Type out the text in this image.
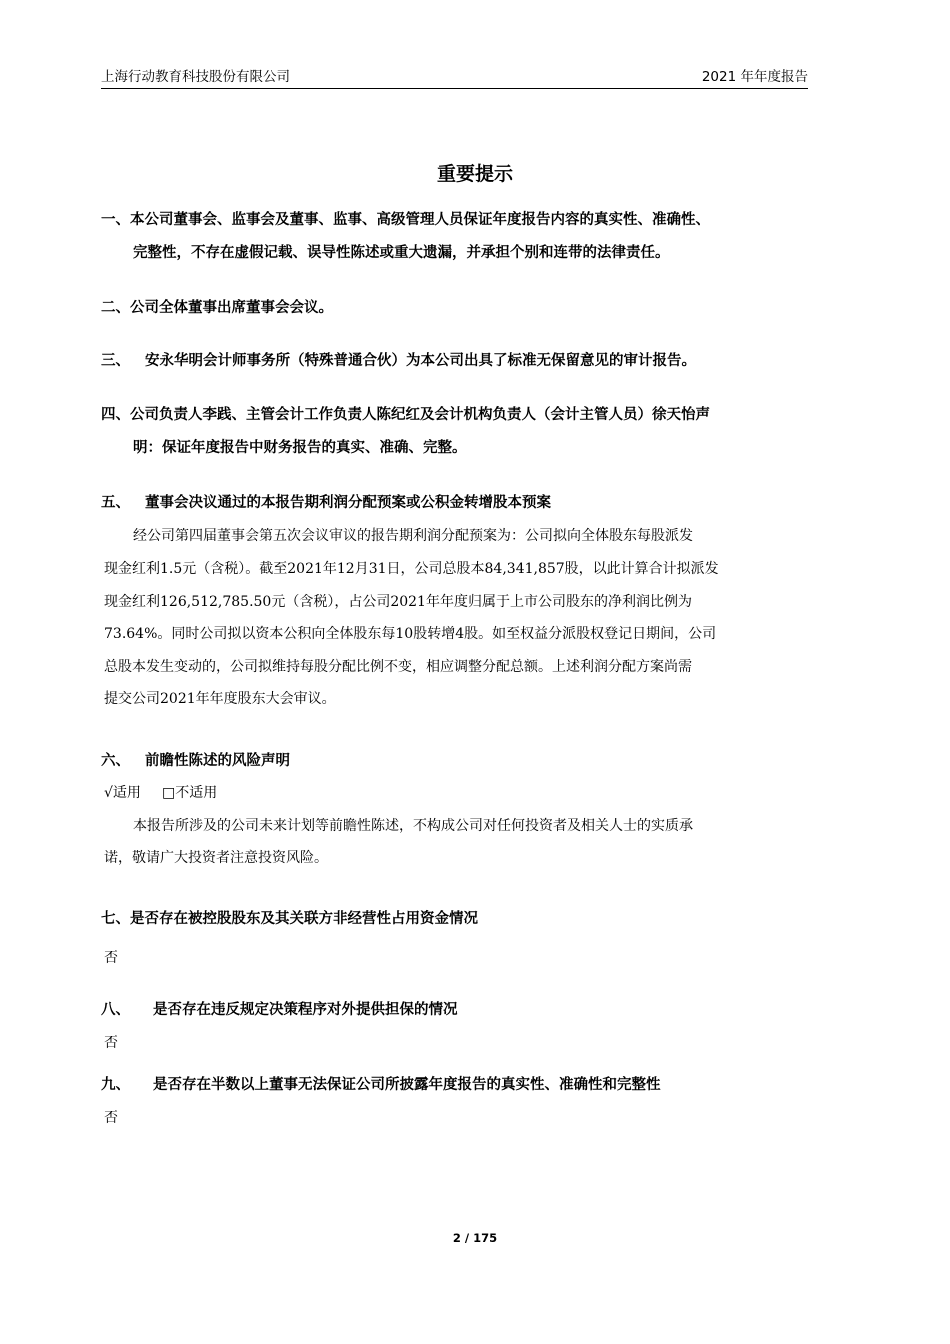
上海行动教育科技股份有限公司	2021 年年度报告
重要提示
一、本公司董事会、监事会及董事、监事、高级管理人员保证年度报告内容的真实性、准确性、
完整性，不存在虚假记载、误导性陈述或重大遗漏，并承担个别和连带的法律责任。
二、公司全体董事出席董事会会议。
三、 安永华明会计师事务所（特殊普通合伙）为本公司出具了标准无保留意见的审计报告。
四、公司负责人李践、主管会计工作负责人陈纪红及会计机构负责人（会计主管人员）徐天怡声
明：保证年度报告中财务报告的真实、准确、完整。
五、 董事会决议通过的本报告期利润分配预案或公积金转增股本预案
经公司第四届董事会第五次会议审议的报告期利润分配预案为：公司拟向全体股东每股派发
现金红利1.5元（含税）。截至2021年12月31日，公司总股本84,341,857股，以此计算合计拟派发
现金红利126,512,785.50元（含税），占公司2021年年度归属于上市公司股东的净利润比例为
73.64%。同时公司拟以资本公积向全体股东每10股转增4股。如至权益分派股权登记日期间，公司
总股本发生变动的，公司拟维持每股分配比例不变，相应调整分配总额。上述利润分配方案尚需
提交公司2021年年度股东大会审议。
六、 前瞻性陈述的风险声明
√适用 □不适用
本报告所涉及的公司未来计划等前瞻性陈述，不构成公司对任何投资者及相关人士的实质承
诺，敬请广大投资者注意投资风险。
七、是否存在被控股股东及其关联方非经营性占用资金情况
否
八、 是否存在违反规定决策程序对外提供担保的情况
否
九、 是否存在半数以上董事无法保证公司所披露年度报告的真实性、准确性和完整性
否
2 / 175
